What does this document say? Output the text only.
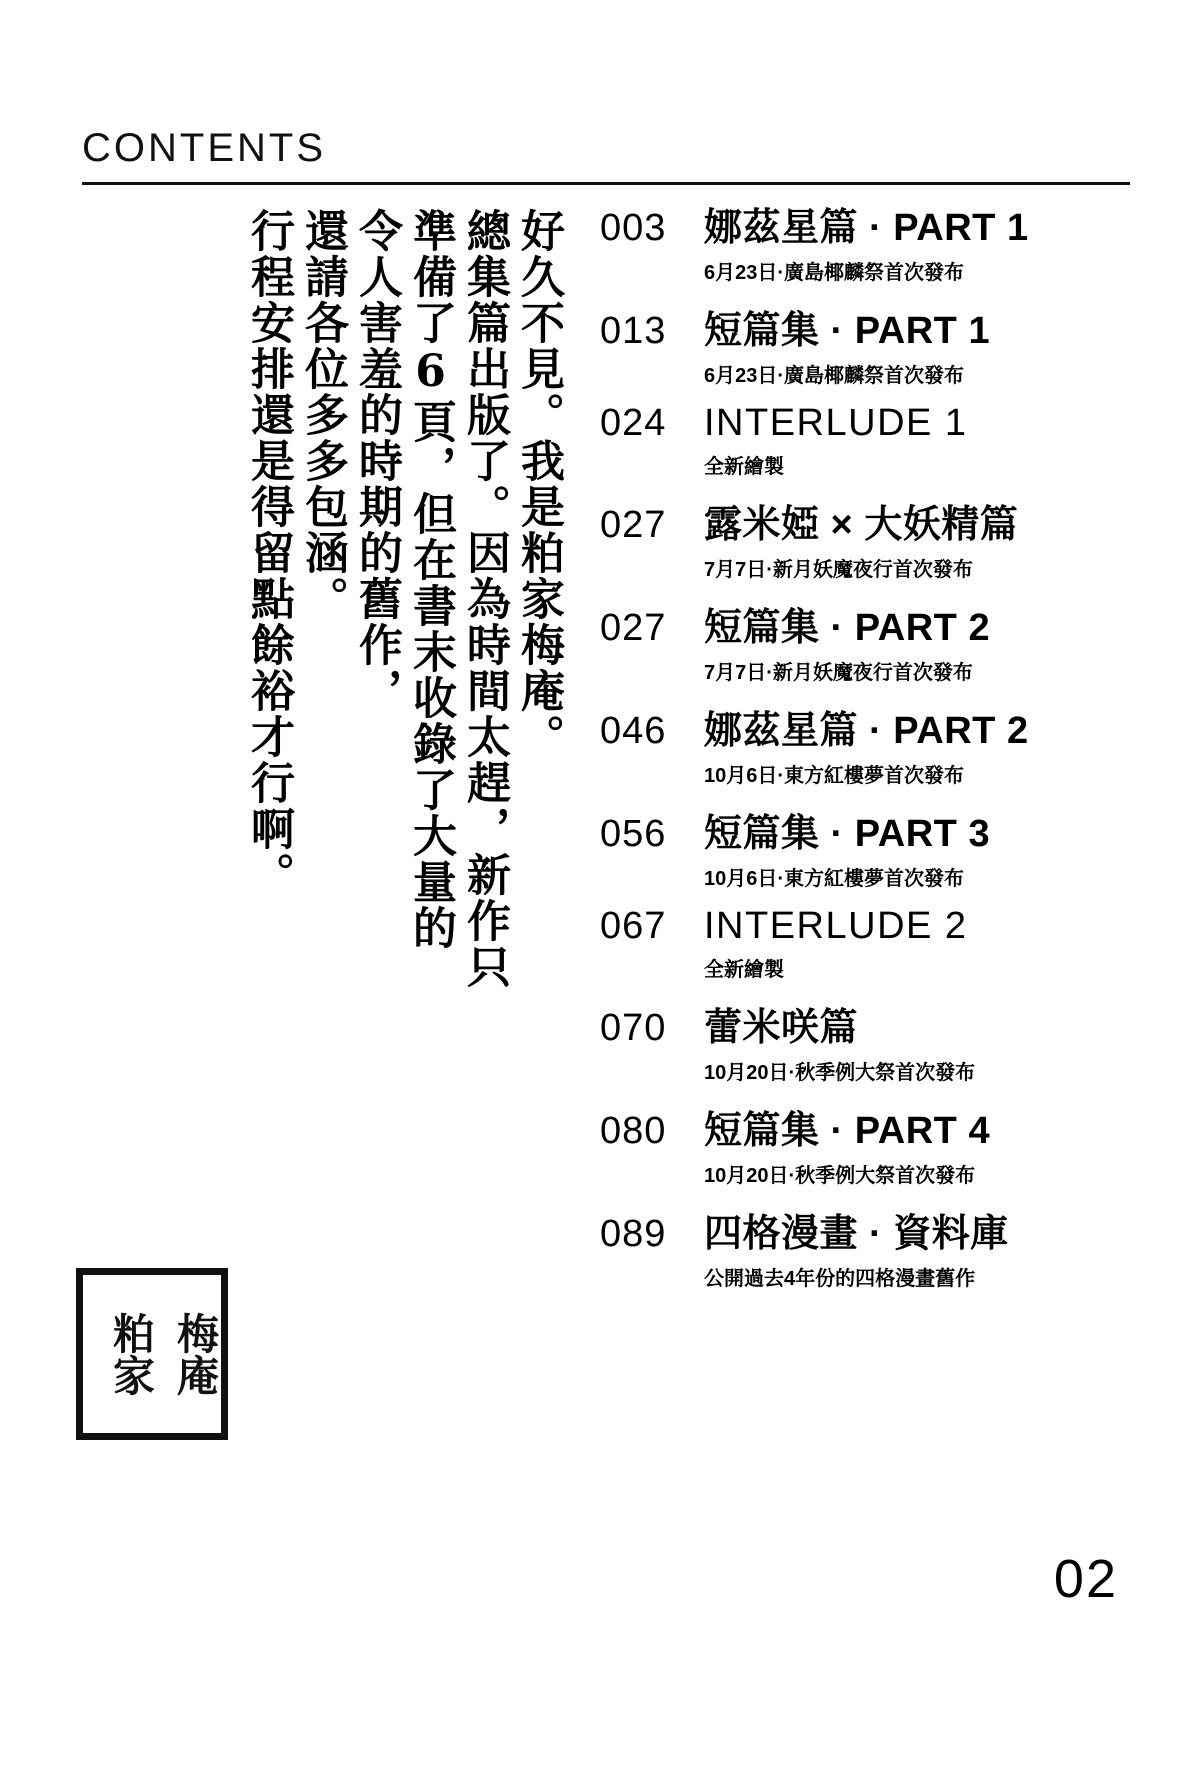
CONTENTS
好久不見。我是粕家梅庵。
總集篇出版了。因為時間太趕，新作只
準備了6頁，但在書末收錄了大量的
令人害羞的時期的舊作，
還請各位多多包涵。
行程安排還是得留點餘裕才行啊。
梅庵
粕家
003 娜茲星篇 · PART 1
6月23日·廣島椰麟祭首次發布
013 短篇集 · PART 1
6月23日·廣島椰麟祭首次發布
024 INTERLUDE 1
全新繪製
027 露米婭 × 大妖精篇
7月7日·新月妖魔夜行首次發布
027 短篇集 · PART 2
7月7日·新月妖魔夜行首次發布
046 娜茲星篇 · PART 2
10月6日·東方紅樓夢首次發布
056 短篇集 · PART 3
10月6日·東方紅樓夢首次發布
067 INTERLUDE 2
全新繪製
070 蕾米咲篇
10月20日·秋季例大祭首次發布
080 短篇集 · PART 4
10月20日·秋季例大祭首次發布
089 四格漫畫 · 資料庫
公開過去4年份的四格漫畫舊作
02
